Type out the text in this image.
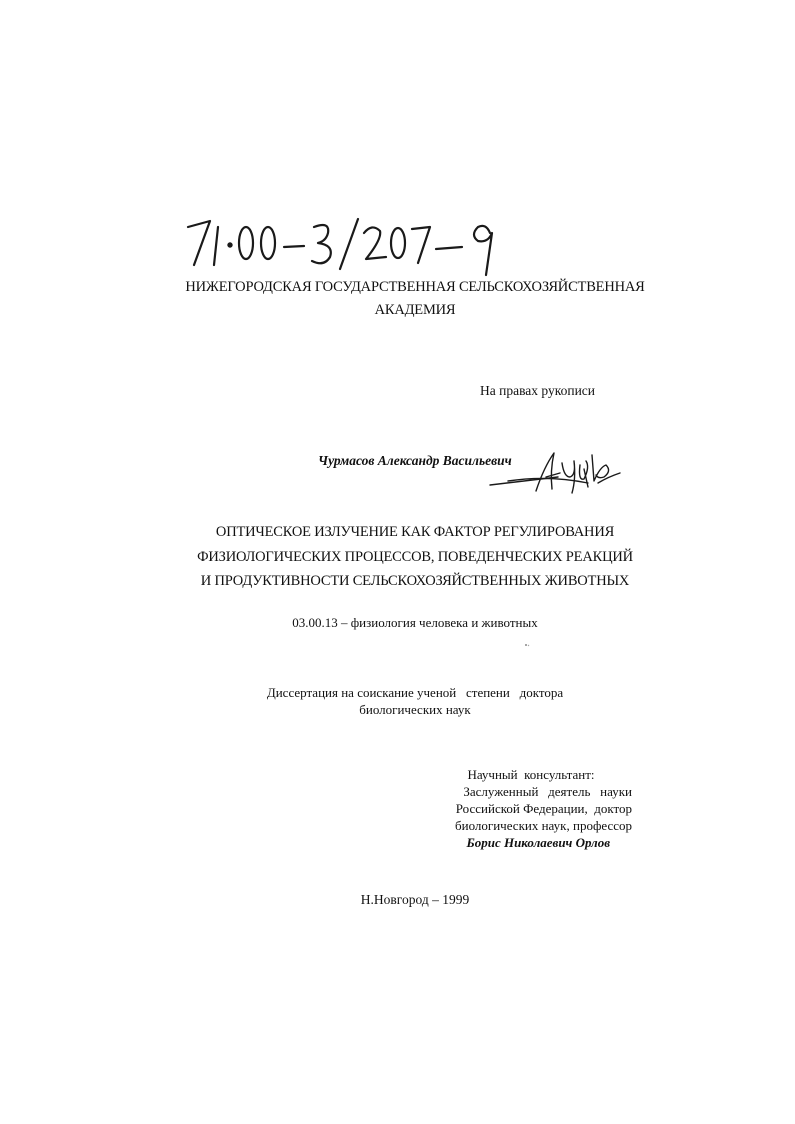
НИЖЕГОРОДСКАЯ ГОСУДАРСТВЕННАЯ СЕЛЬСКОХОЗЯЙСТВЕННАЯ
АКАДЕМИЯ
На правах рукописи
Чурмасов Александр Васильевич
ОПТИЧЕСКОЕ ИЗЛУЧЕНИЕ КАК ФАКТОР РЕГУЛИРОВАНИЯ
ФИЗИОЛОГИЧЕСКИХ ПРОЦЕССОВ, ПОВЕДЕНЧЕСКИХ РЕАКЦИЙ
И ПРОДУКТИВНОСТИ СЕЛЬСКОХОЗЯЙСТВЕННЫХ ЖИВОТНЫХ
03.00.13 – физиология человека и животных
Диссертация на соискание ученой   степени   доктора
биологических наук
Научный  консультант:
Заслуженный   деятель   науки
Российской Федерации,  доктор
биологических наук, профессор
Борис Николаевич Орлов
Н.Новгород – 1999
